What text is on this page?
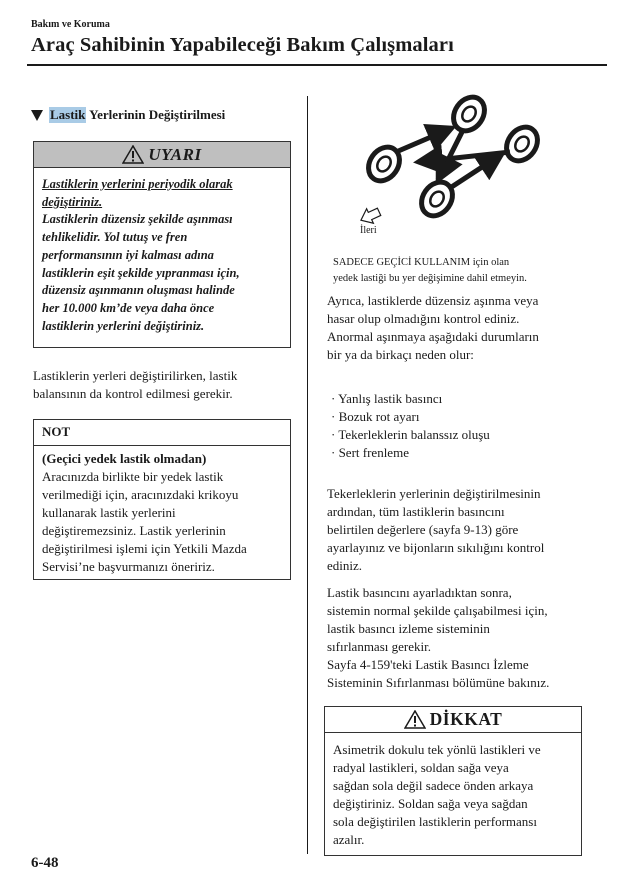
Bakım ve Koruma
Araç Sahibinin Yapabileceği Bakım Çalışmaları
Lastik Yerlerinin Değiştirilmesi
UYARI
Lastiklerin yerlerini periyodik olarak
değiştiriniz.
Lastiklerin düzensiz şekilde aşınması
tehlikelidir. Yol tutuş ve fren
performansının iyi kalması adına
lastiklerin eşit şekilde yıpranması için,
düzensiz aşınmanın oluşması halinde
her 10.000 km’de veya daha önce
lastiklerin yerlerini değiştiriniz.

Lastiklerin yerleri değiştirilirken, lastik

balansının da kontrol edilmesi gerekir.

NOT
(Geçici yedek lastik olmadan)

Aracınızda birlikte bir yedek lastik

verilmediği için, aracınızdaki krikoyu

kullanarak lastik yerlerini

değiştiremezsiniz. Lastik yerlerinin

değiştirilmesi işlemi için Yetkili Mazda

Servisi’ne başvurmanızı öneririz.

6-48
İleri

SADECE GEÇİCİ KULLANIM için olan

yedek lastiği bu yer değişimine dahil etmeyin.

Ayrıca, lastiklerde düzensiz aşınma veya

hasar olup olmadığını kontrol ediniz.

Anormal aşınmaya aşağıdaki durumların

bir ya da birkaçı neden olur:

· Yanlış lastik basıncı

· Bozuk rot ayarı

· Tekerleklerin balanssız oluşu

· Sert frenleme

Tekerleklerin yerlerinin değiştirilmesinin

ardından, tüm lastiklerin basıncını

belirtilen değerlere (sayfa 9-13) göre

ayarlayınız ve bijonların sıkılığını kontrol

ediniz.

Lastik basıncını ayarladıktan sonra,

sistemin normal şekilde çalışabilmesi için,

lastik basıncı izleme sisteminin

sıfırlanması gerekir.

Sayfa 4-159'teki Lastik Basıncı İzleme

Sisteminin Sıfırlanması bölümüne bakınız.

DİKKAT

Asimetrik dokulu tek yönlü lastikleri ve

radyal lastikleri, soldan sağa veya

sağdan sola değil sadece önden arkaya

değiştiriniz. Soldan sağa veya sağdan

sola değiştirilen lastiklerin performansı

azalır.
